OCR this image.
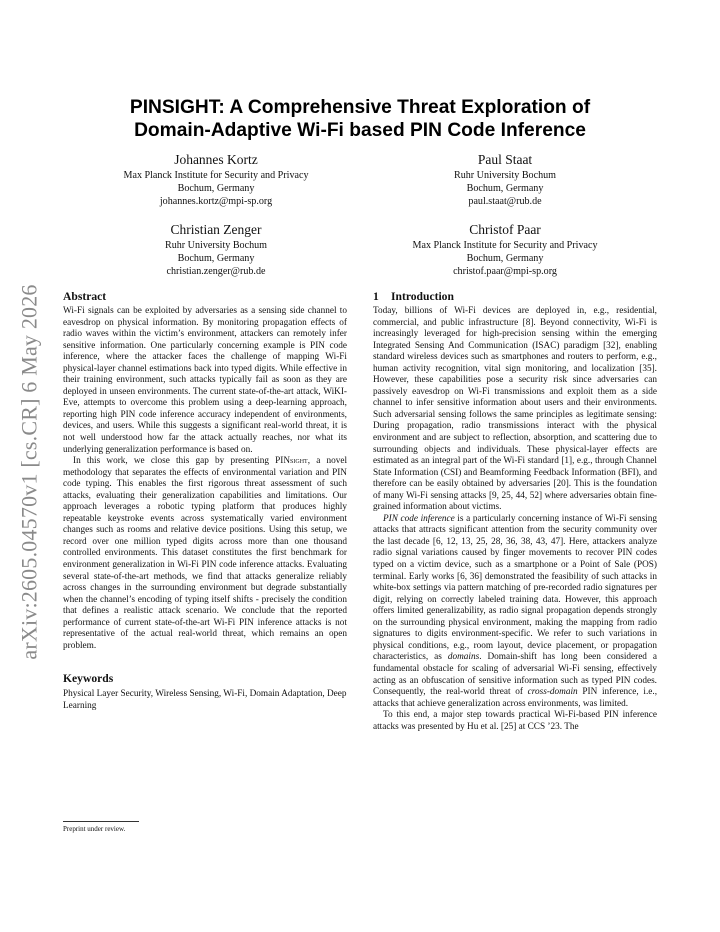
arXiv:2605.04570v1 [cs.CR] 6 May 2026
PINSIGHT: A Comprehensive Threat Exploration of
Domain-Adaptive Wi-Fi based PIN Code Inference
Johannes Kortz
Max Planck Institute for Security and Privacy
Bochum, Germany
johannes.kortz@mpi-sp.org
Paul Staat
Ruhr University Bochum
Bochum, Germany
paul.staat@rub.de
Christian Zenger
Ruhr University Bochum
Bochum, Germany
christian.zenger@rub.de
Christof Paar
Max Planck Institute for Security and Privacy
Bochum, Germany
christof.paar@mpi-sp.org
Abstract

Wi-Fi signals can be exploited by adversaries as a sensing side channel to eavesdrop on physical information. By monitoring propagation effects of radio waves within the victim’s environment, attackers can remotely infer sensitive information. One particularly concerning example is PIN code inference, where the attacker faces the challenge of mapping Wi-Fi physical-layer channel estimations back into typed digits. While effective in their training environment, such attacks typically fail as soon as they are deployed in unseen environments. The current state-of-the-art attack, WiKI-Eve, attempts to overcome this problem using a deep-learning approach, reporting high PIN code inference accuracy independent of environments, devices, and users. While this suggests a significant real-world threat, it is not well understood how far the attack actually reaches, nor what its underlying generalization performance is based on.

In this work, we close this gap by presenting PINsight, a novel methodology that separates the effects of environmental variation and PIN code typing. This enables the first rigorous threat assessment of such attacks, evaluating their generalization capabilities and limitations. Our approach leverages a robotic typing platform that produces highly repeatable keystroke events across systematically varied environment changes such as rooms and relative device positions. Using this setup, we record over one million typed digits across more than one thousand controlled environments. This dataset constitutes the first benchmark for environment generalization in Wi-Fi PIN code inference attacks. Evaluating several state-of-the-art methods, we find that attacks generalize reliably across changes in the surrounding environment but degrade substantially when the channel’s encoding of typing itself shifts - precisely the condition that defines a realistic attack scenario. We conclude that the reported performance of current state-of-the-art Wi-Fi PIN inference attacks is not representative of the actual real-world threat, which remains an open problem.

Keywords

Physical Layer Security, Wireless Sensing, Wi-Fi, Domain Adaptation, Deep Learning

Preprint under review.
1 Introduction

Today, billions of Wi-Fi devices are deployed in, e.g., residential, commercial, and public infrastructure [8]. Beyond connectivity, Wi-Fi is increasingly leveraged for high-precision sensing within the emerging Integrated Sensing And Communication (ISAC) paradigm [32], enabling standard wireless devices such as smartphones and routers to perform, e.g., human activity recognition, vital sign monitoring, and localization [35]. However, these capabilities pose a security risk since adversaries can passively eavesdrop on Wi-Fi transmissions and exploit them as a side channel to infer sensitive information about users and their environments. Such adversarial sensing follows the same principles as legitimate sensing: During propagation, radio transmissions interact with the physical environment and are subject to reflection, absorption, and scattering due to surrounding objects and individuals. These physical-layer effects are estimated as an integral part of the Wi-Fi standard [1], e.g., through Channel State Information (CSI) and Beamforming Feedback Information (BFI), and therefore can be easily obtained by adversaries [20]. This is the foundation of many Wi-Fi sensing attacks [9, 25, 44, 52] where adversaries obtain fine-grained information about victims.

PIN code inference is a particularly concerning instance of Wi-Fi sensing attacks that attracts significant attention from the security community over the last decade [6, 12, 13, 25, 28, 36, 38, 43, 47]. Here, attackers analyze radio signal variations caused by finger movements to recover PIN codes typed on a victim device, such as a smartphone or a Point of Sale (POS) terminal. Early works [6, 36] demonstrated the feasibility of such attacks in white-box settings via pattern matching of pre-recorded radio signatures per digit, relying on correctly labeled training data. However, this approach offers limited generalizability, as radio signal propagation depends strongly on the surrounding physical environment, making the mapping from radio signatures to digits environment-specific. We refer to such variations in physical conditions, e.g., room layout, device placement, or propagation characteristics, as domains. Domain-shift has long been considered a fundamental obstacle for scaling of adversarial Wi-Fi sensing, effectively acting as an obfuscation of sensitive information such as typed PIN codes. Consequently, the real-world threat of cross-domain PIN inference, i.e., attacks that achieve generalization across environments, was limited.

To this end, a major step towards practical Wi-Fi-based PIN inference attacks was presented by Hu et al. [25] at CCS ’23. The
